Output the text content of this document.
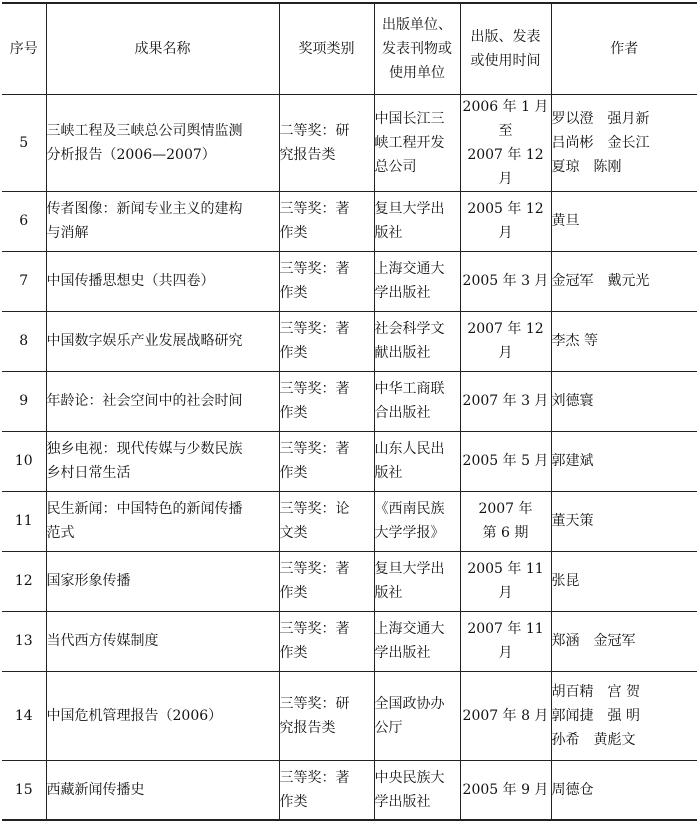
序号	成果名称	奖项类别	出版单位、
发表刊物或
使用单位	出版、发表
或使用时间	作者
5	三峡工程及三峡总公司舆情监测
分析报告（2006—2007）	二等奖：研
究报告类	中国长江三
峡工程开发
总公司	2006 年 1 月至
2007 年 12 月	罗以澄　强月新
吕尚彬　金长江
夏琼　陈刚
6	传者图像：新闻专业主义的建构
与消解	三等奖：著
作类	复旦大学出
版社	2005 年 12 月	黄旦
7	中国传播思想史（共四卷）	三等奖：著
作类	上海交通大
学出版社	2005 年 3 月	金冠军　戴元光
8	中国数字娱乐产业发展战略研究	三等奖：著
作类	社会科学文
献出版社	2007 年 12 月	李杰 等
9	年龄论：社会空间中的社会时间	三等奖：著
作类	中华工商联
合出版社	2007 年 3 月	刘德寰
10	独乡电视：现代传媒与少数民族
乡村日常生活	三等奖：著
作类	山东人民出
版社	2005 年 5 月	郭建斌
11	民生新闻：中国特色的新闻传播
范式	三等奖：论
文类	《西南民族
大学学报》	2007 年
第 6 期	董天策
12	国家形象传播	三等奖：著
作类	复旦大学出
版社	2005 年 11 月	张昆
13	当代西方传媒制度	三等奖：著
作类	上海交通大
学出版社	2007 年 11 月	郑涵　金冠军
14	中国危机管理报告（2006）	三等奖：研
究报告类	全国政协办
公厅	2007 年 8 月	胡百精　宫 贺
郭闻捷　强 明
孙希　黄彪文
15	西藏新闻传播史	三等奖：著
作类	中央民族大
学出版社	2005 年 9 月	周德仓
